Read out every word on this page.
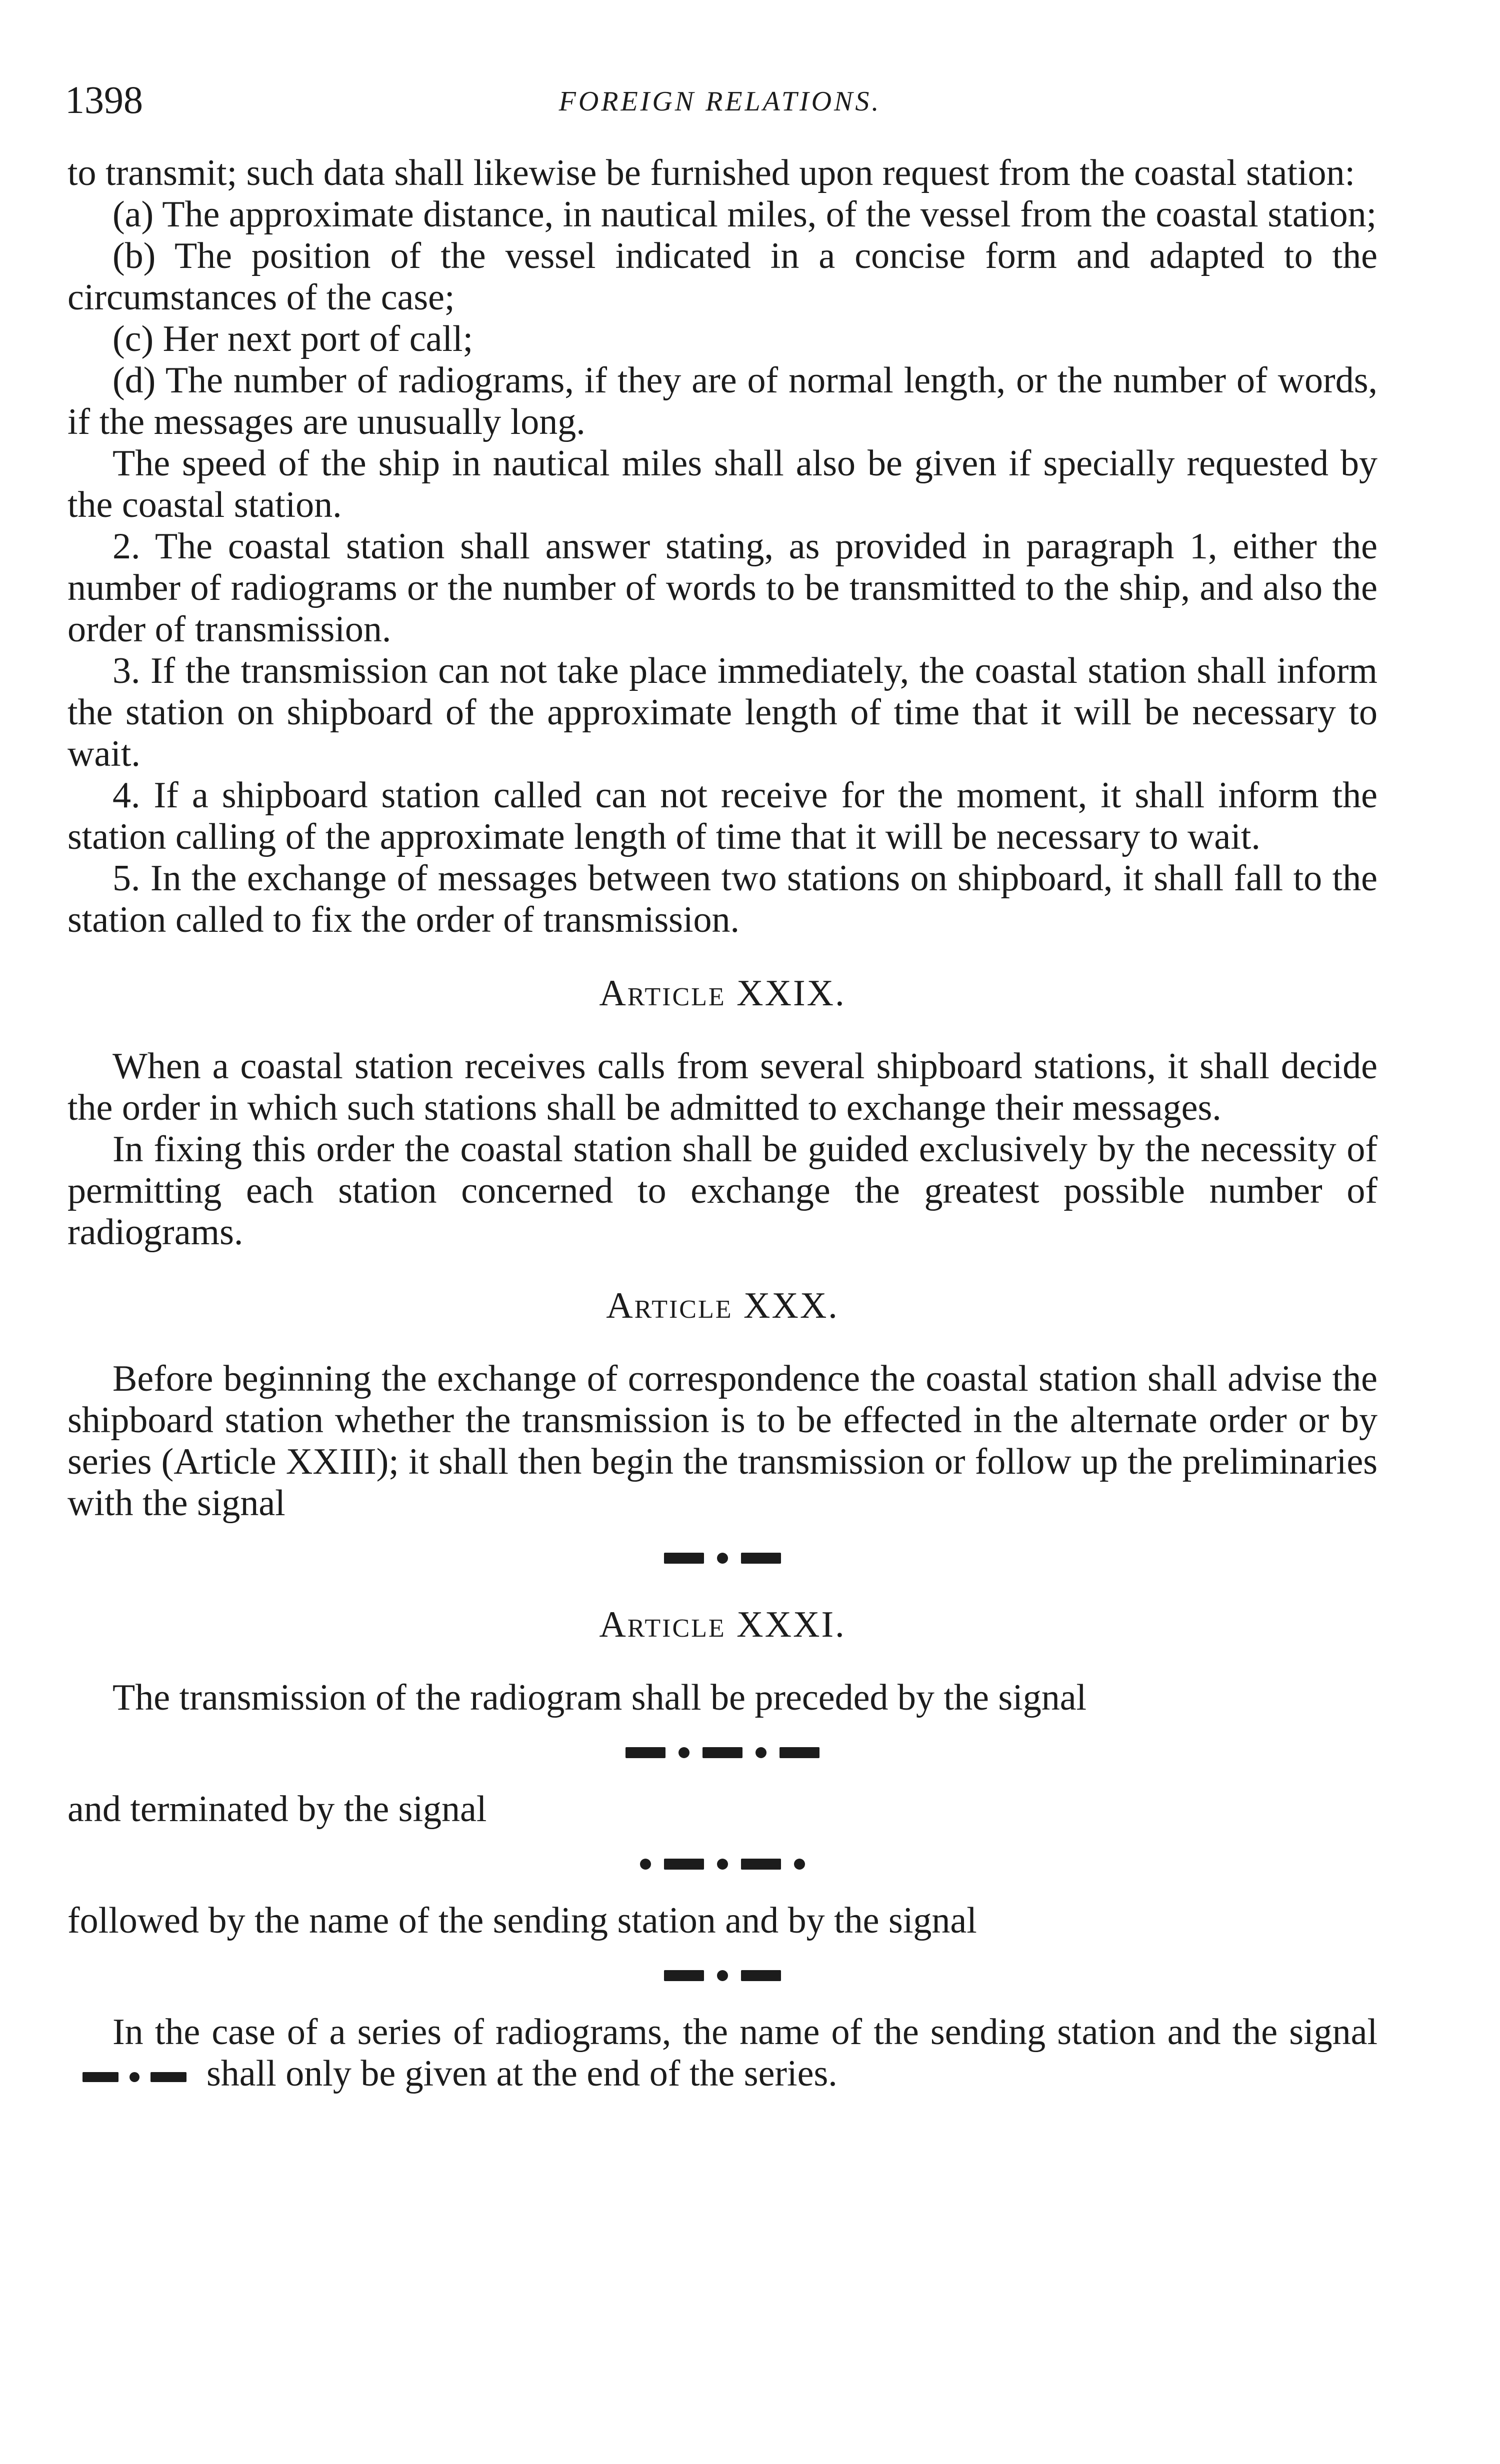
1398	FOREIGN RELATIONS.

to transmit; such data shall likewise be furnished upon request from the coastal station:

(a) The approximate distance, in nautical miles, of the vessel from the coastal station;

(b) The position of the vessel indicated in a concise form and adapted to the circumstances of the case;

(c) Her next port of call;

(d) The number of radiograms, if they are of normal length, or the number of words, if the messages are unusually long.

The speed of the ship in nautical miles shall also be given if specially requested by the coastal station.

2. The coastal station shall answer stating, as provided in paragraph 1, either the number of radiograms or the number of words to be transmitted to the ship, and also the order of transmission.

3. If the transmission can not take place immediately, the coastal station shall inform the station on shipboard of the approximate length of time that it will be necessary to wait.

4. If a shipboard station called can not receive for the moment, it shall inform the station calling of the approximate length of time that it will be necessary to wait.

5. In the exchange of messages between two stations on shipboard, it shall fall to the station called to fix the order of transmission.

Article XXIX.

When a coastal station receives calls from several shipboard stations, it shall decide the order in which such stations shall be admitted to exchange their messages.

In fixing this order the coastal station shall be guided exclusively by the necessity of permitting each station concerned to exchange the greatest possible number of radiograms.

Article XXX.

Before beginning the exchange of correspondence the coastal station shall advise the shipboard station whether the transmission is to be effected in the alternate order or by series (Article XXIII); it shall then begin the transmission or follow up the preliminaries with the signal

Article XXXI.

The transmission of the radiogram shall be preceded by the signal

and terminated by the signal

followed by the name of the sending station and by the signal

In the case of a series of radiograms, the name of the sending station and the signal
shall only be given at the end of the series.
